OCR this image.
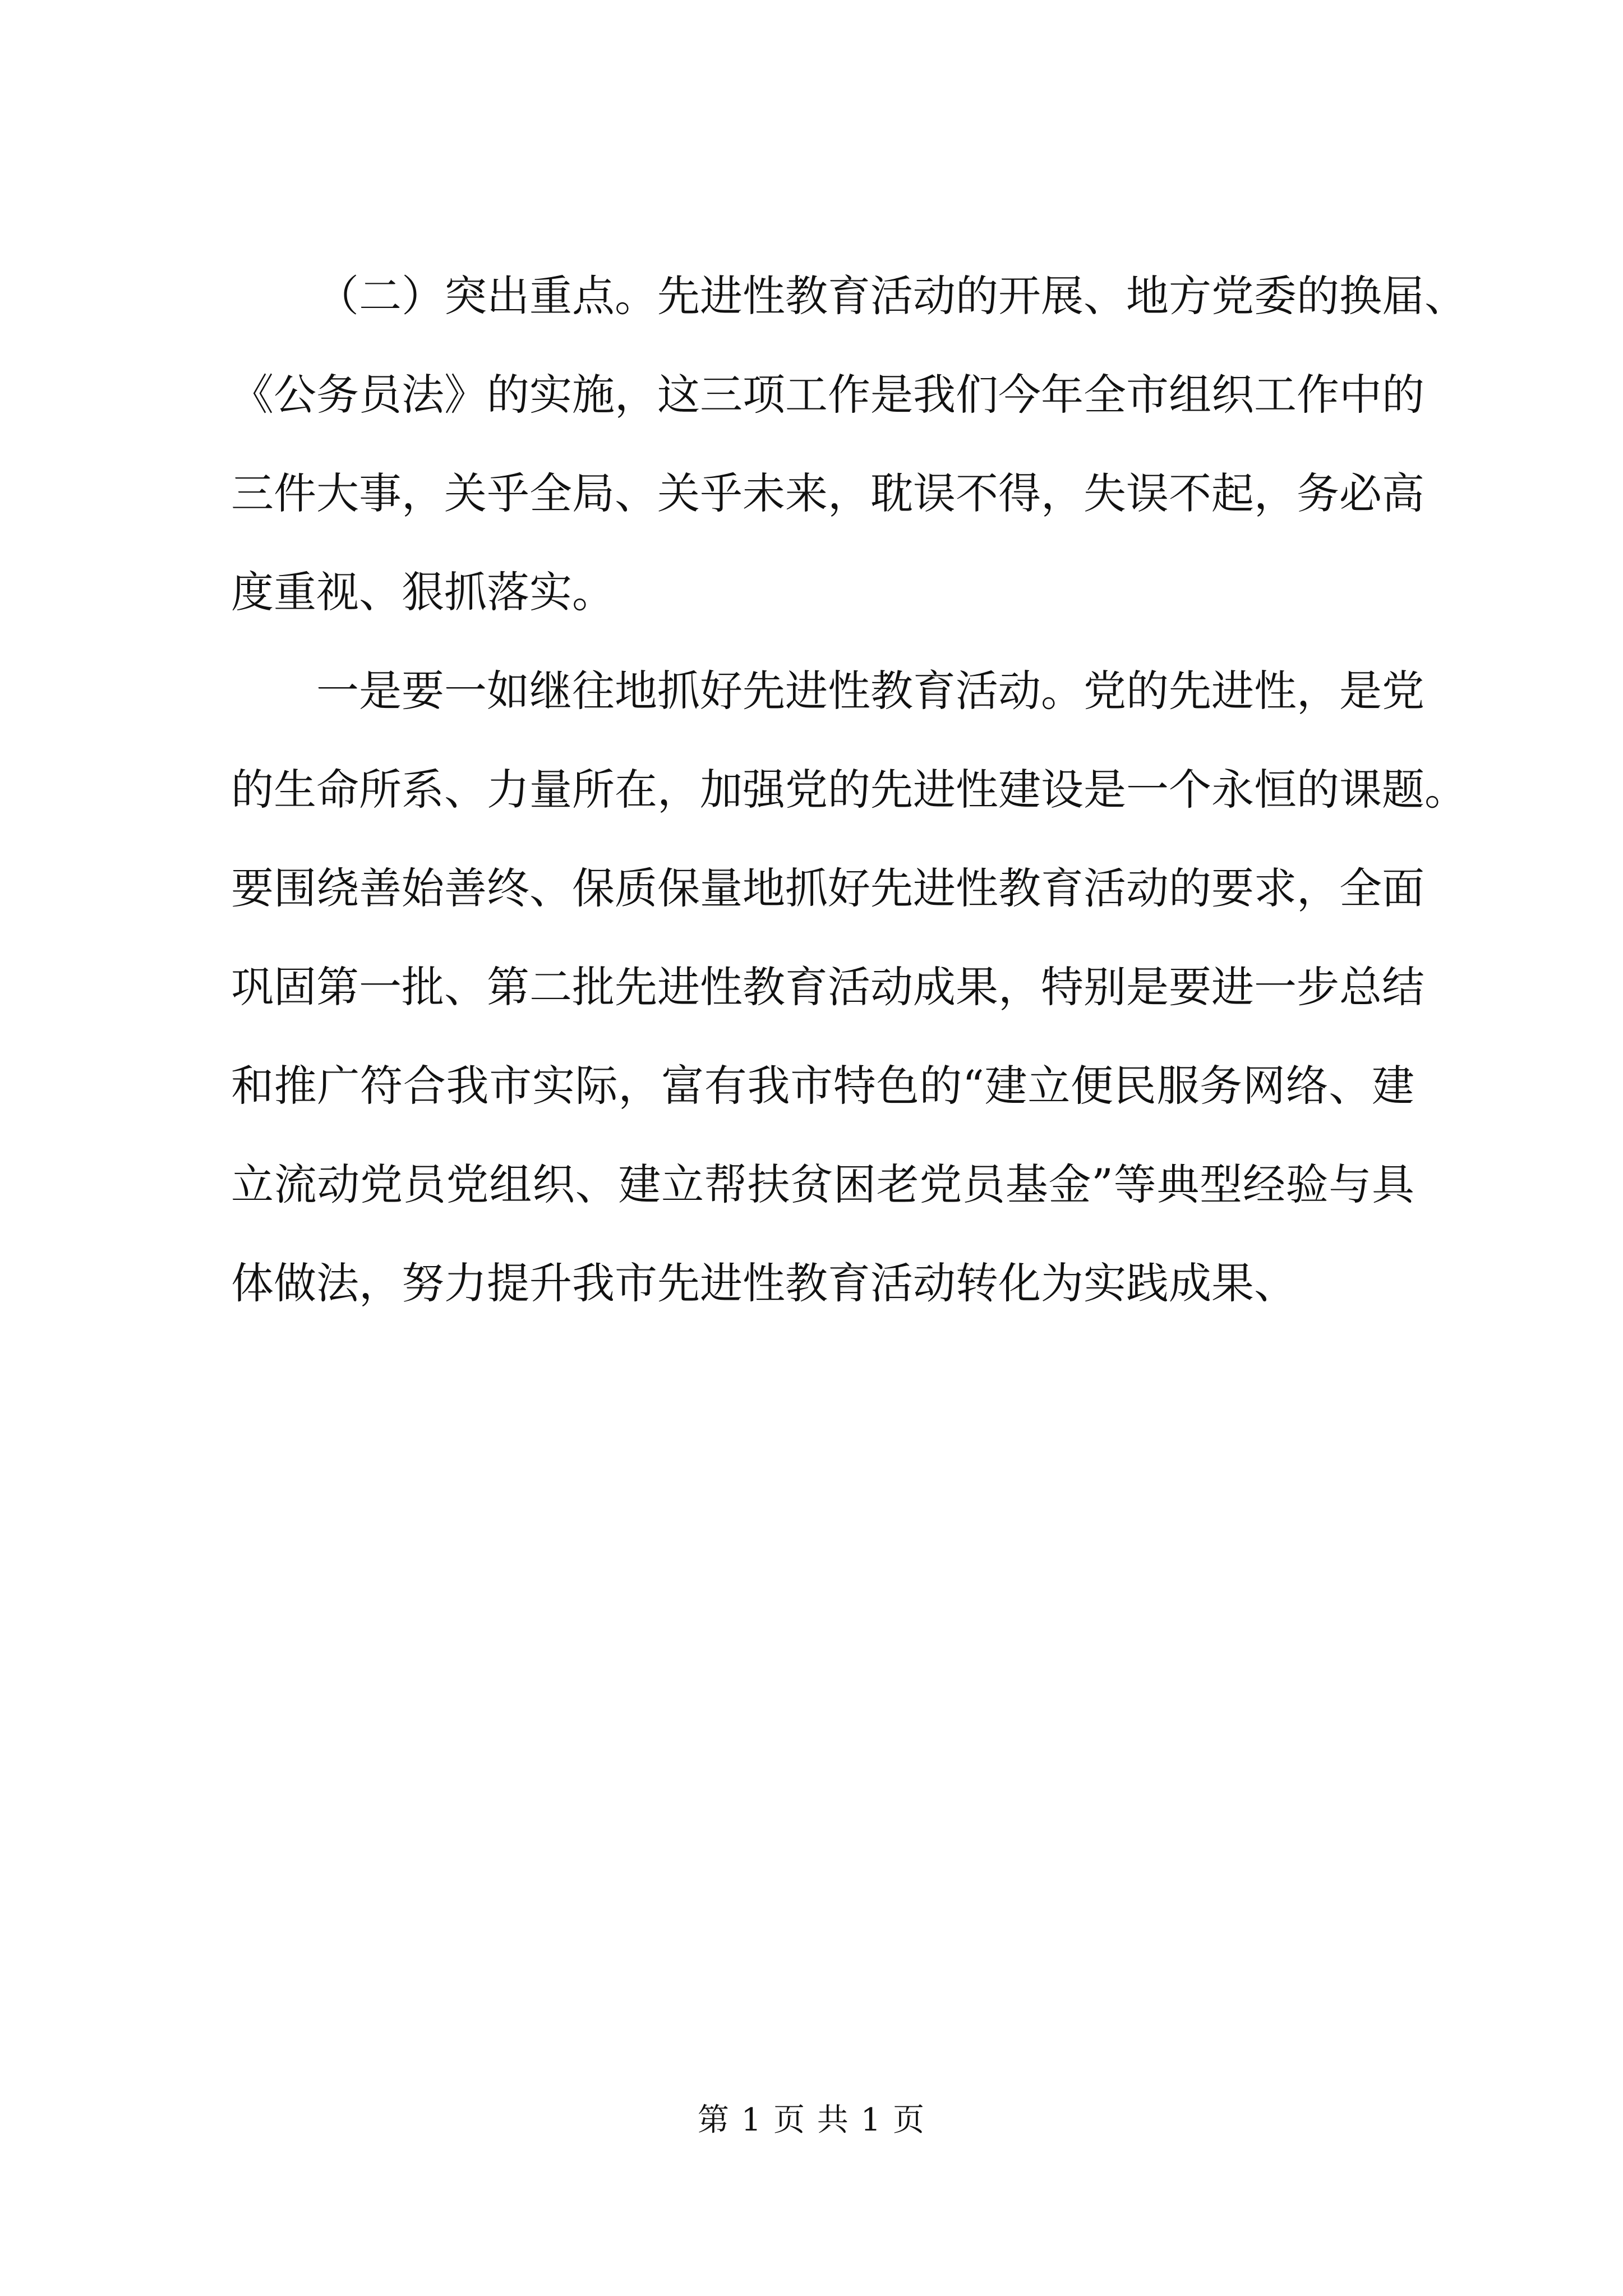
（二）突出重点。先进性教育活动的开展、地方党委的换届、
《公务员法》的实施，这三项工作是我们今年全市组织工作中的
三件大事，关乎全局、关乎未来，耽误不得，失误不起，务必高
度重视、狠抓落实。

一是要一如继往地抓好先进性教育活动。党的先进性，是党
的生命所系、力量所在，加强党的先进性建设是一个永恒的课题。
要围绕善始善终、保质保量地抓好先进性教育活动的要求，全面
巩固第一批、第二批先进性教育活动成果，特别是要进一步总结
和推广符合我市实际，富有我市特色的“建立便民服务网络、建
立流动党员党组织、建立帮扶贫困老党员基金”等典型经验与具
体做法，努力提升我市先进性教育活动转化为实践成果、

第 1 页 共 1 页
